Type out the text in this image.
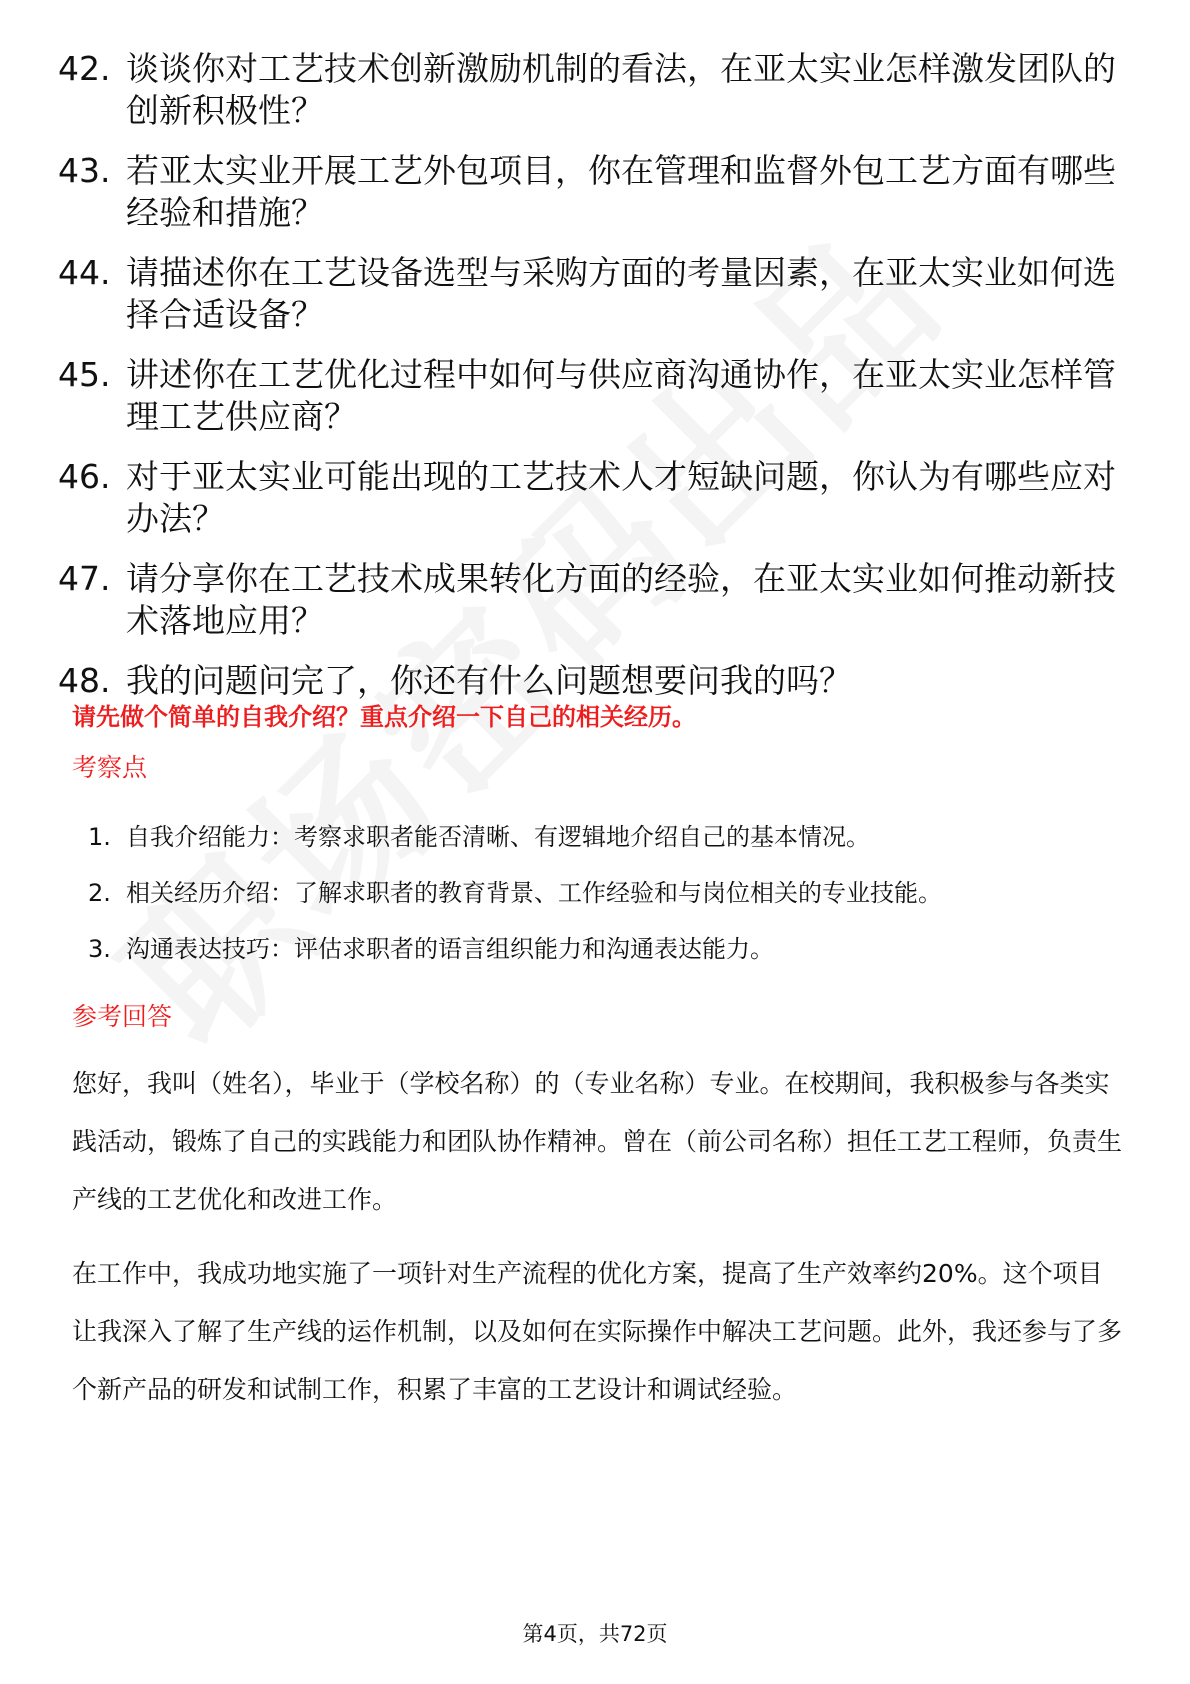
42. 谈谈你对工艺技术创新激励机制的看法，在亚太实业怎样激发团队的创新积极性？
43. 若亚太实业开展工艺外包项目，你在管理和监督外包工艺方面有哪些经验和措施？
44. 请描述你在工艺设备选型与采购方面的考量因素，在亚太实业如何选择合适设备？
45. 讲述你在工艺优化过程中如何与供应商沟通协作，在亚太实业怎样管理工艺供应商？
46. 对于亚太实业可能出现的工艺技术人才短缺问题，你认为有哪些应对办法？
47. 请分享你在工艺技术成果转化方面的经验，在亚太实业如何推动新技术落地应用？
48. 我的问题问完了，你还有什么问题想要问我的吗？
请先做个简单的自我介绍？重点介绍一下自己的相关经历。
考察点
1. 自我介绍能力：考察求职者能否清晰、有逻辑地介绍自己的基本情况。
2. 相关经历介绍：了解求职者的教育背景、工作经验和与岗位相关的专业技能。
3. 沟通表达技巧：评估求职者的语言组织能力和沟通表达能力。
参考回答

您好，我叫（姓名），毕业于（学校名称）的（专业名称）专业。在校期间，我积极参与各类实践活动，锻炼了自己的实践能力和团队协作精神。曾在（前公司名称）担任工艺工程师，负责生产线的工艺优化和改进工作。

在工作中，我成功地实施了一项针对生产流程的优化方案，提高了生产效率约20%。这个项目让我深入了解了生产线的运作机制，以及如何在实际操作中解决工艺问题。此外，我还参与了多个新产品的研发和试制工作，积累了丰富的工艺设计和调试经验。

第4页，共72页
